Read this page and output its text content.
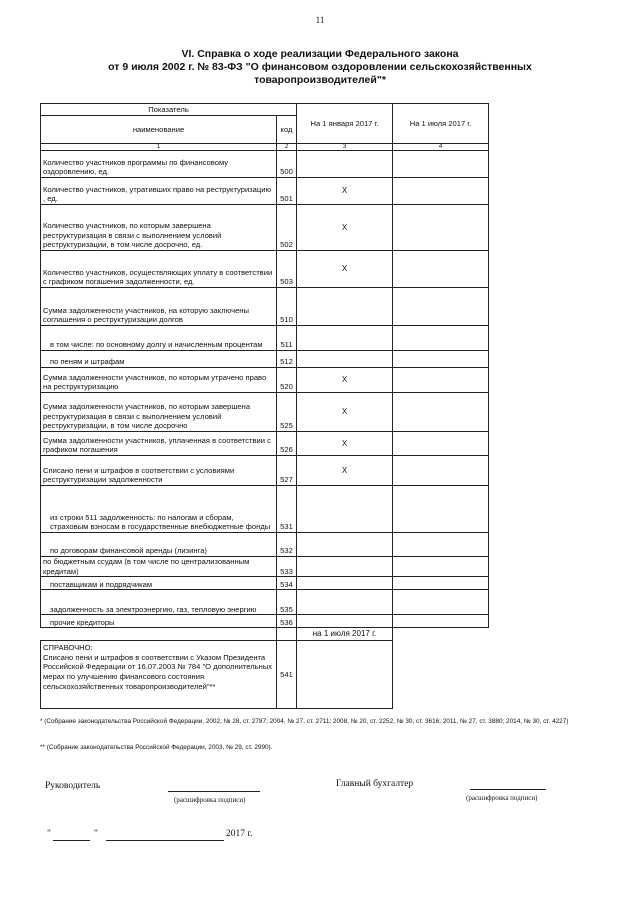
11
VI. Справка о ходе реализации Федерального закона
от 9 июля 2002 г. № 83-ФЗ "О финансовом оздоровлении сельскохозяйственных
товаропроизводителей"*
Показатель		На 1 января 2017 г.	На 1 июля 2017 г.
наименование	код		
1	2	3	4
Количество участников программы по финансовому оздоровлению, ед.	500		
Количество участников, утративших право на реструктуризацию , ед.	501	X	
Количество участников, по которым завершена реструктуризация в связи с выполнением условий реструктуризации, в том числе досрочно, ед.	502	X	
Количество участников, осуществляющих уплату в соответствии с графиком погашения задолженности, ед.	503	X	
Сумма задолженности участников, на которую заключены соглашения о реструктуризации долгов	510		
в том числе: по основному долгу и начисленным процентам	511		
по пеням и штрафам	512		
Сумма задолженности участников, по которым утрачено право на реструктуризацию	520	X	
Сумма задолженности участников, по которым завершена реструктуризация в связи с выполнением условий реструктуризации, в том числе досрочно	525	X	
Сумма задолженности участников, уплаченная в соответствии с графиком погашения	526	X	
Списано пени и штрафов в соответствии с условиями реструктуризации задолженности	527	X	
из строки 511 задолженность: по налогам и сборам, страховым взносам в государственные внебюджетные фонды	531		
по договорам финансовой аренды (лизинга)	532		
по бюджетным ссудам (в том числе по централизованным кредитам)	533		
поставщикам и подрядчикам	534		
задолженность за электроэнергию, газ, тепловую энергию	535		
прочие кредиторы	536		
		на 1 июля 2017 г.	

СПРАВОЧНО:
Списано пени и штрафов в соответствии с Указом Президента Российской Федерации от 16.07.2003 № 784 "О дополнительных мерах по улучшению финансового состояния сельскохозяйственных товаропроизводителей"**	541		
* (Собрание законодательства Российской Федерации, 2002, № 28, ст. 2787; 2004, № 27, ст. 2711; 2008, № 20, ст. 2252, № 30, ст. 3616; 2011, № 27, ст. 3880; 2014, № 30, ст. 4227)
** (Собрание законодательства Российской Федерации, 2003, № 29, ст. 2990).
Руководитель
(расшифровка подписи)
Главный бухгалтер
(расшифровка подписи)
"	"	2017 г.
